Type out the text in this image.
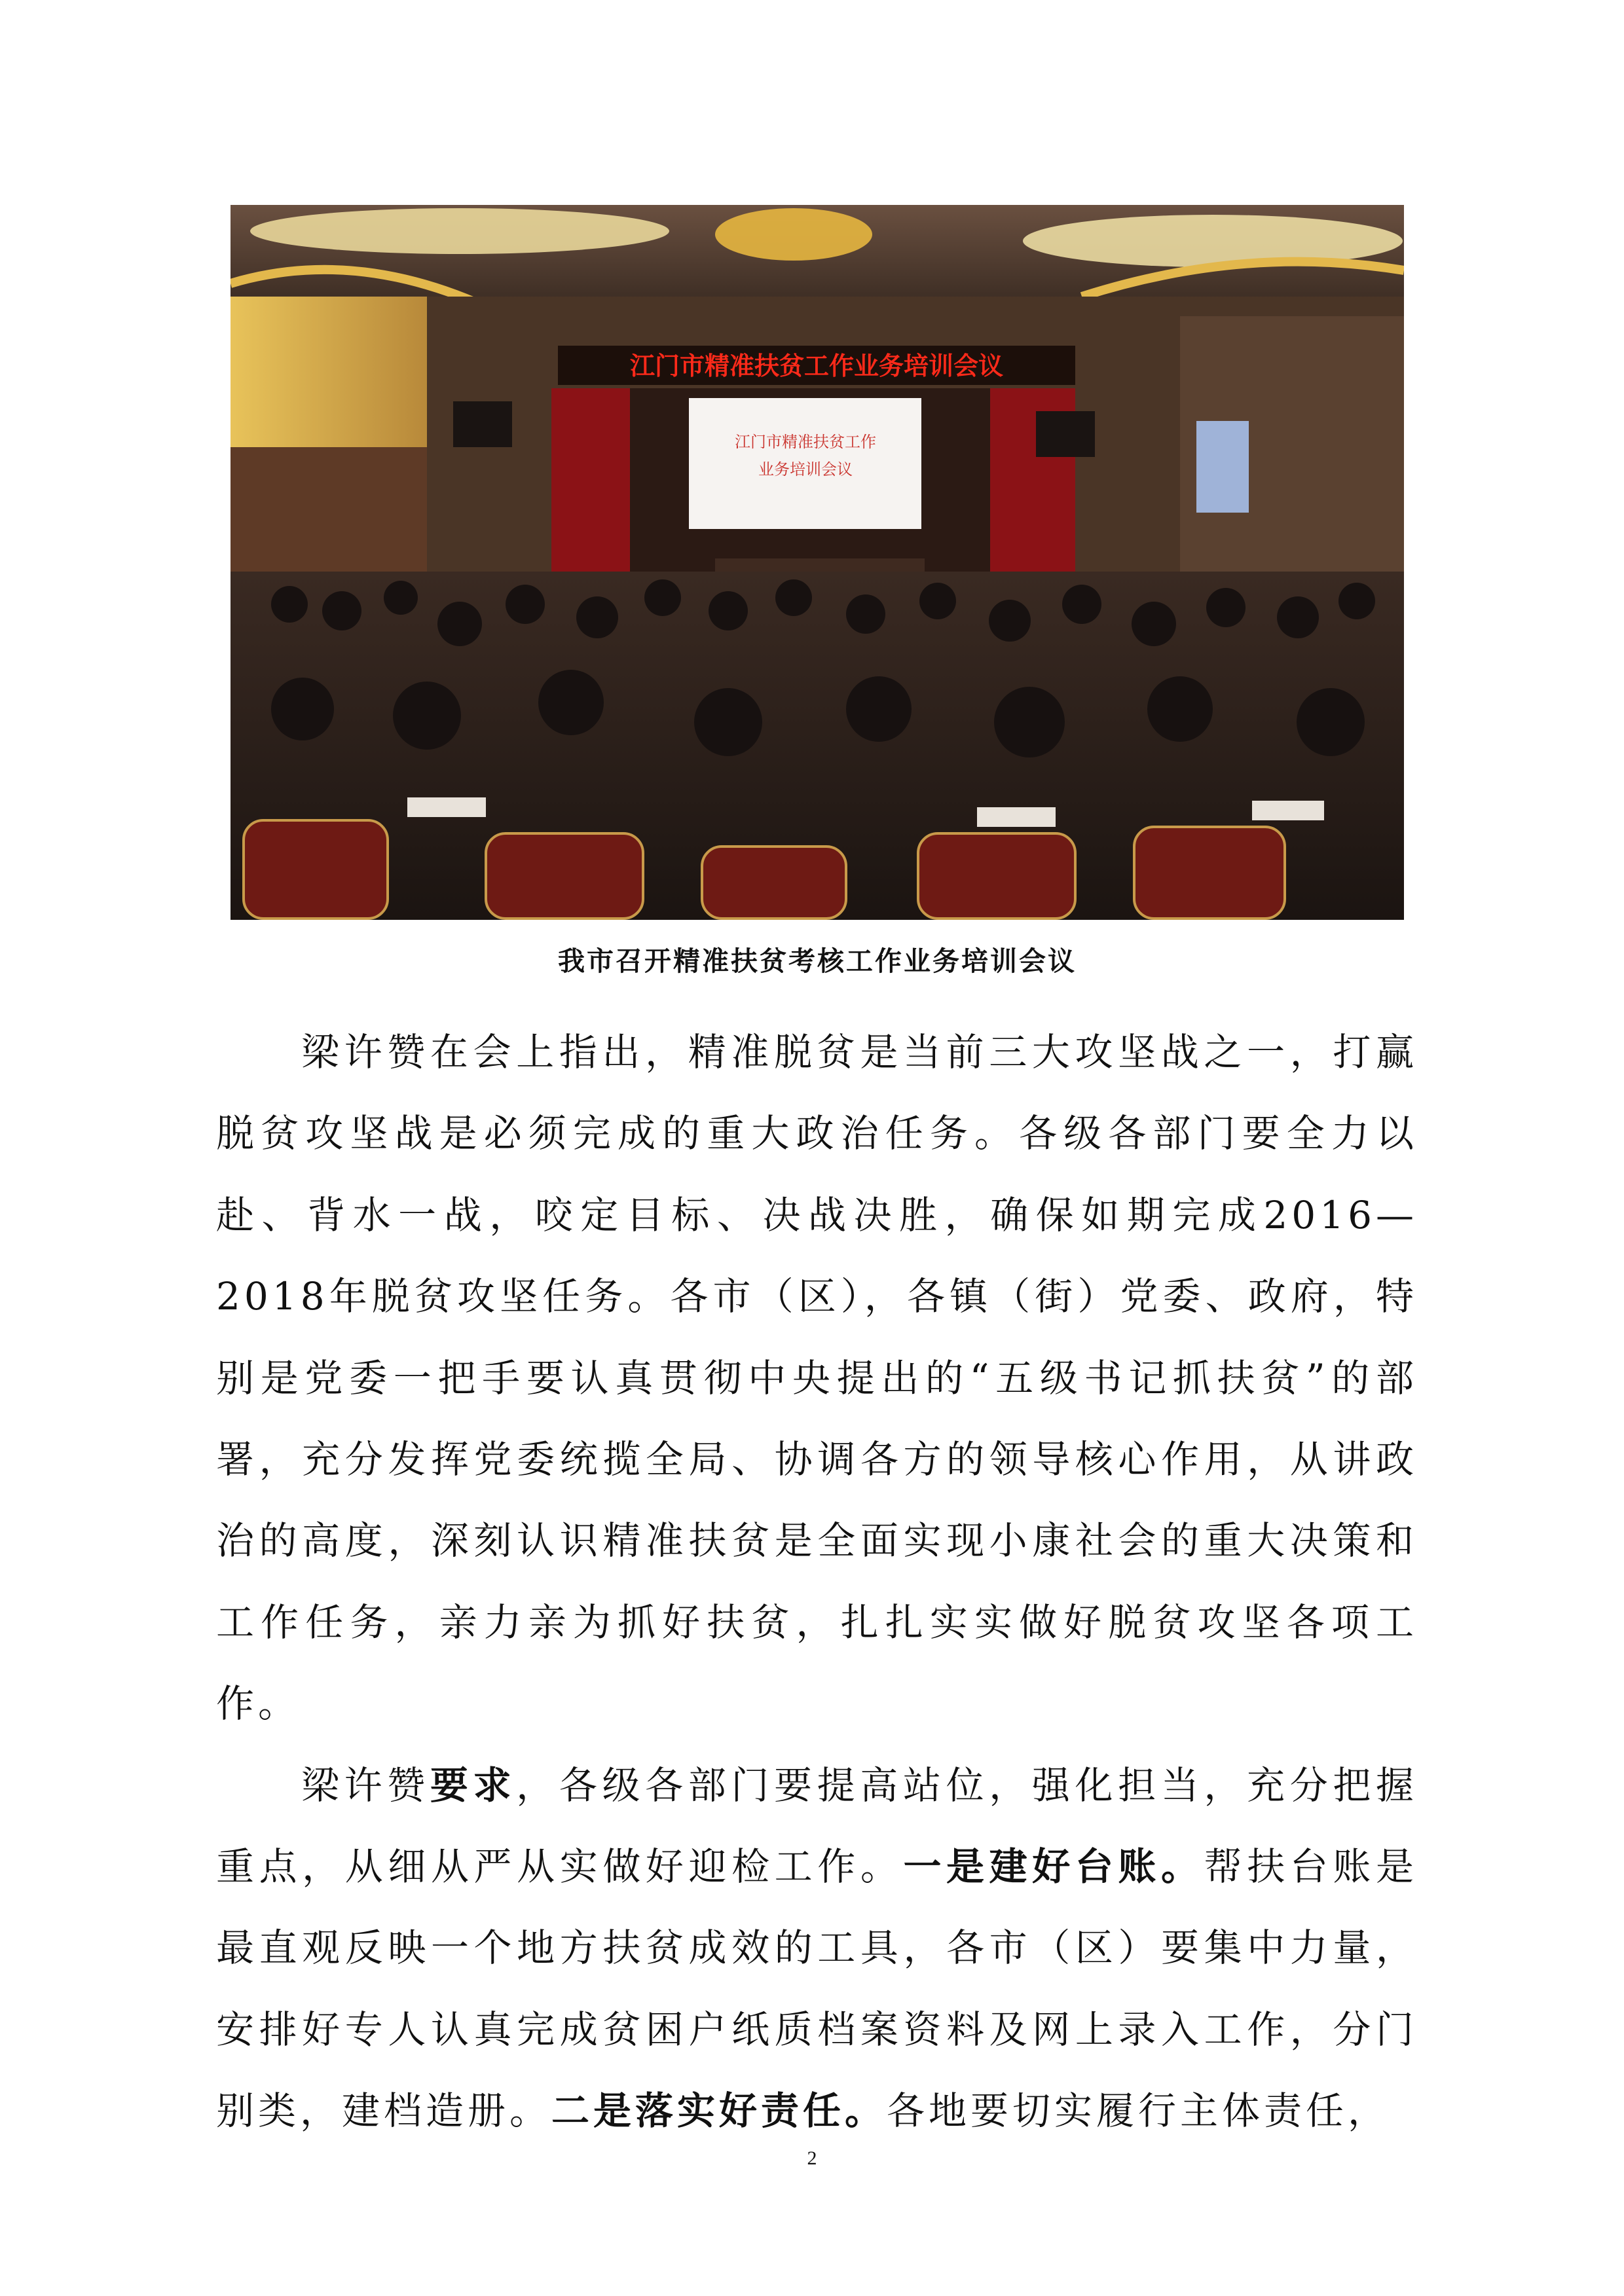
江门市精准扶贫工作业务培训会议
江门市精准扶贫工作
业务培训会议
我市召开精准扶贫考核工作业务培训会议

梁许赞在会上指出，精准脱贫是当前三大攻坚战之一，打赢脱贫攻坚战是必须完成的重大政治任务。各级各部门要全力以赴、背水一战，咬定目标、决战决胜，确保如期完成2016—2018年脱贫攻坚任务。各市（区），各镇（街）党委、政府，特别是党委一把手要认真贯彻中央提出的“五级书记抓扶贫”的部署，充分发挥党委统揽全局、协调各方的领导核心作用，从讲政治的高度，深刻认识精准扶贫是全面实现小康社会的重大决策和工作任务，亲力亲为抓好扶贫，扎扎实实做好脱贫攻坚各项工作。

梁许赞要求，各级各部门要提高站位，强化担当，充分把握重点，从细从严从实做好迎检工作。一是建好台账。帮扶台账是最直观反映一个地方扶贫成效的工具，各市（区）要集中力量，安排好专人认真完成贫困户纸质档案资料及网上录入工作，分门别类，建档造册。二是落实好责任。各地要切实履行主体责任，

2
